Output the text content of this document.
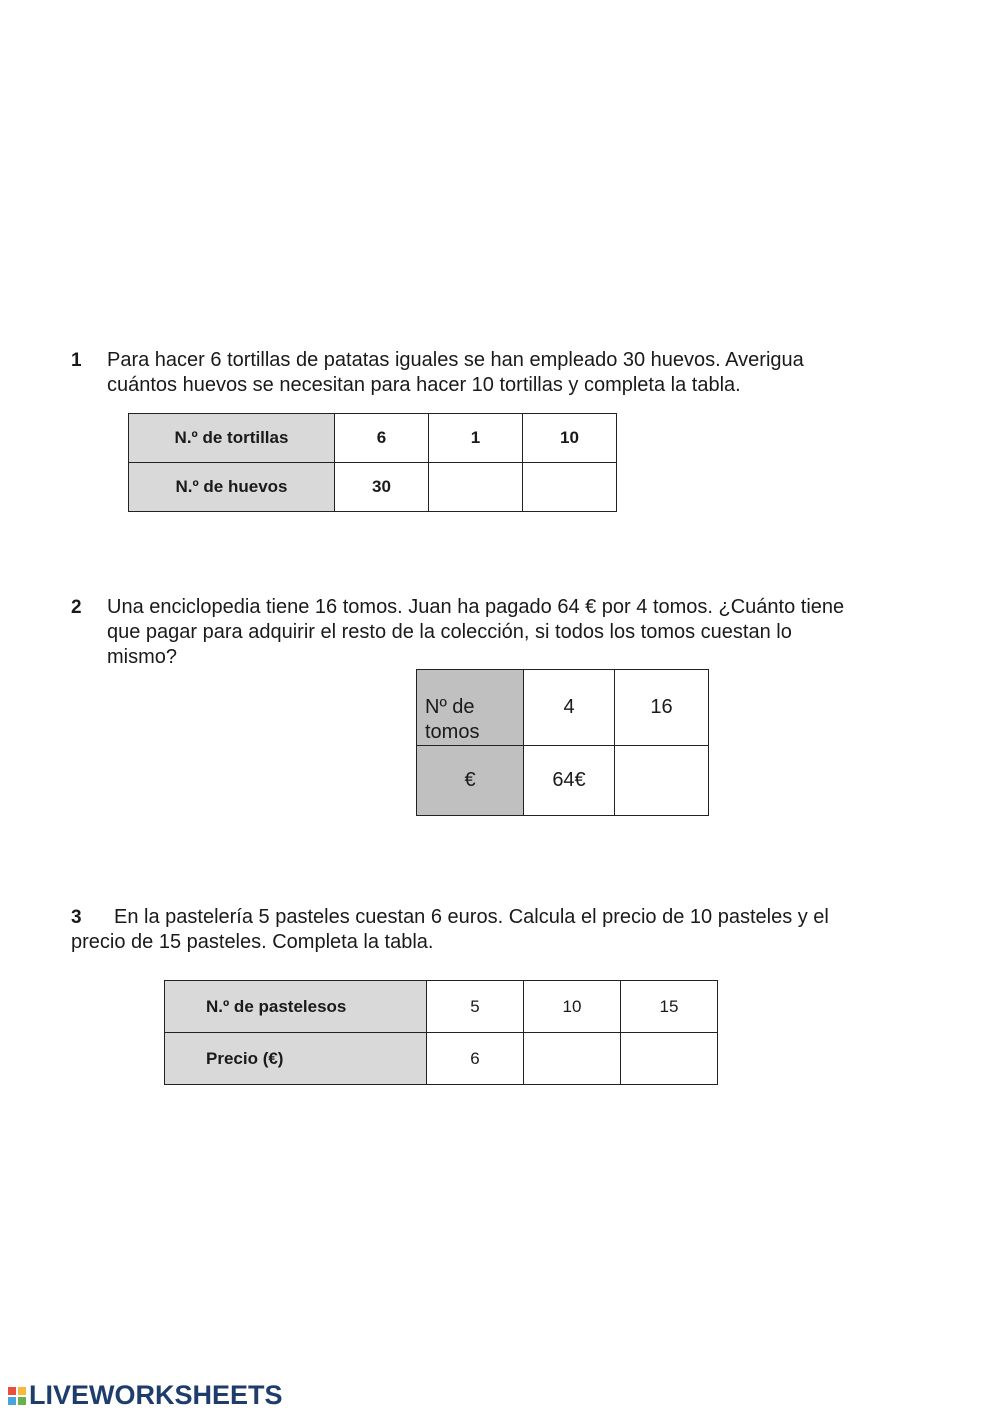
1 Para hacer 6 tortillas de patatas iguales se han empleado 30 huevos. Averigua
cuántos huevos se necesitan para hacer 10 tortillas y completa la tabla.
N.º de tortillas	6	1	10
N.º de huevos	30		
2 Una enciclopedia tiene 16 tomos. Juan ha pagado 64 € por 4 tomos. ¿Cuánto tiene
que pagar para adquirir el resto de la colección, si todos los tomos cuestan lo
mismo?
Nº de tomos	4	16
€	64€	
3	En la pastelería 5 pasteles cuestan 6 euros. Calcula el precio de 10 pasteles y el
precio de 15 pasteles. Completa la tabla.
N.º de pastelesos	5	10	15
Precio (€)	6		
LIVEWORKSHEETS
